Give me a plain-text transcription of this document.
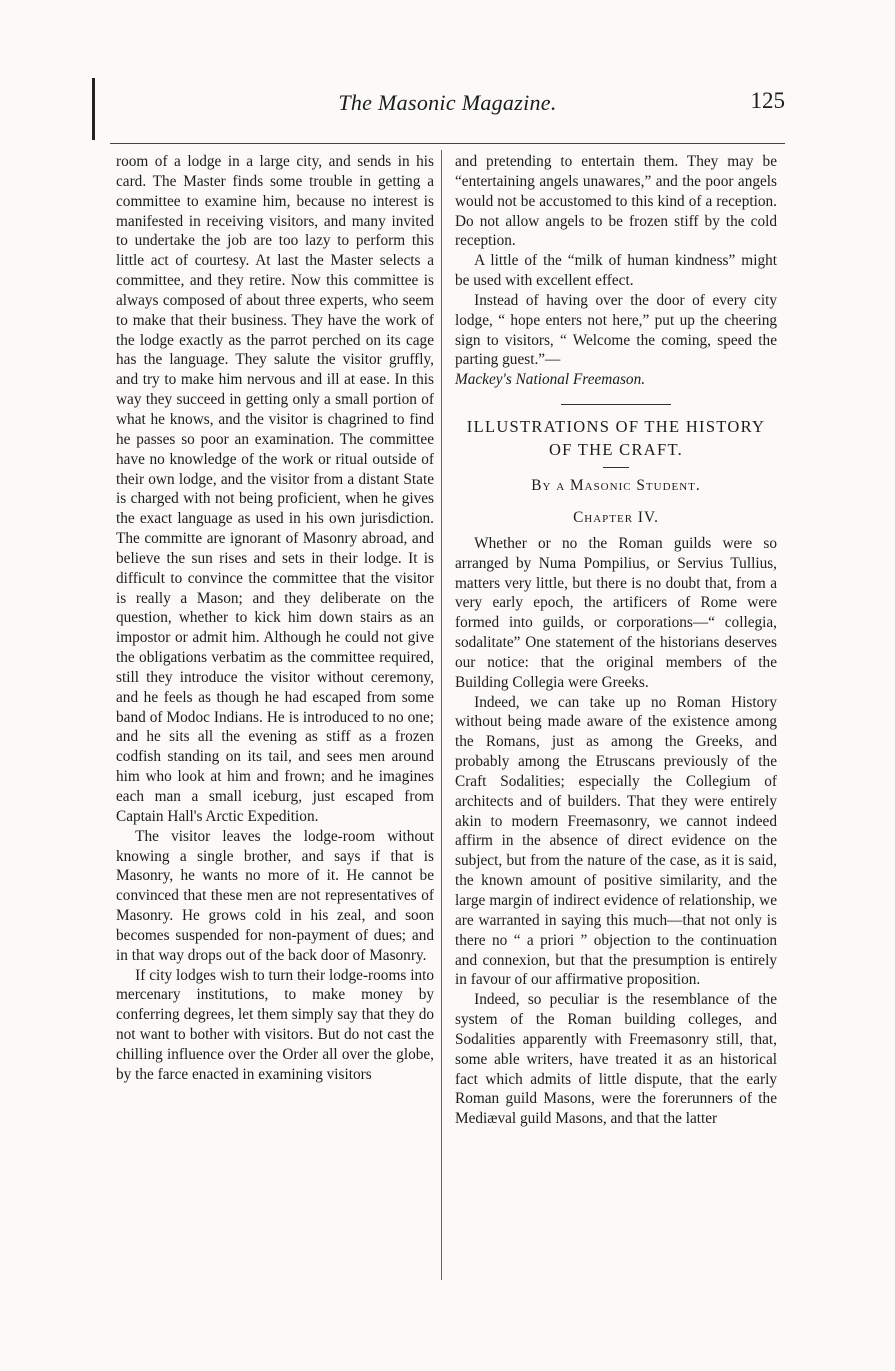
The Masonic Magazine.	125

room of a lodge in a large city, and sends in his card. The Master finds some trouble in getting a committee to examine him, because no interest is manifested in receiving visitors, and many invited to undertake the job are too lazy to perform this little act of courtesy. At last the Master selects a committee, and they retire. Now this committee is always composed of about three experts, who seem to make that their business. They have the work of the lodge exactly as the parrot perched on its cage has the language. They salute the visitor gruffly, and try to make him nervous and ill at ease. In this way they succeed in getting only a small portion of what he knows, and the visitor is chagrined to find he passes so poor an examination. The committee have no knowledge of the work or ritual outside of their own lodge, and the visitor from a distant State is charged with not being proficient, when he gives the exact language as used in his own jurisdiction. The committe are ignorant of Masonry abroad, and believe the sun rises and sets in their lodge. It is difficult to convince the committee that the visitor is really a Mason; and they deliberate on the question, whether to kick him down stairs as an impostor or admit him. Although he could not give the obligations verbatim as the committee required, still they introduce the visitor without ceremony, and he feels as though he had escaped from some band of Modoc Indians. He is introduced to no one; and he sits all the evening as stiff as a frozen codfish standing on its tail, and sees men around him who look at him and frown; and he imagines each man a small iceburg, just escaped from Captain Hall's Arctic Expedition.

The visitor leaves the lodge-room without knowing a single brother, and says if that is Masonry, he wants no more of it. He cannot be convinced that these men are not representatives of Masonry. He grows cold in his zeal, and soon becomes suspended for non-payment of dues; and in that way drops out of the back door of Masonry.

If city lodges wish to turn their lodge-rooms into mercenary institutions, to make money by conferring degrees, let them simply say that they do not want to bother with visitors. But do not cast the chilling influence over the Order all over the globe, by the farce enacted in examining visitors

and pretending to entertain them. They may be “entertaining angels unawares,” and the poor angels would not be accustomed to this kind of a reception. Do not allow angels to be frozen stiff by the cold reception.

A little of the “milk of human kindness” might be used with excellent effect.

Instead of having over the door of every city lodge, “ hope enters not here,” put up the cheering sign to visitors, “ Welcome the coming, speed the parting guest.”—

Mackey's National Freemason.

ILLUSTRATIONS OF THE HISTORY OF THE CRAFT.
By a Masonic Student.
Chapter IV.

Whether or no the Roman guilds were so arranged by Numa Pompilius, or Servius Tullius, matters very little, but there is no doubt that, from a very early epoch, the artificers of Rome were formed into guilds, or corporations—“ collegia, sodalitate” One statement of the historians deserves our notice: that the original members of the Building Collegia were Greeks.

Indeed, we can take up no Roman History without being made aware of the existence among the Romans, just as among the Greeks, and probably among the Etruscans previously of the Craft Sodalities; especially the Collegium of architects and of builders. That they were entirely akin to modern Freemasonry, we cannot indeed affirm in the absence of direct evidence on the subject, but from the nature of the case, as it is said, the known amount of positive similarity, and the large margin of indirect evidence of relationship, we are warranted in saying this much—that not only is there no “ a priori ” objection to the continuation and connexion, but that the presumption is entirely in favour of our affirmative proposition.

Indeed, so peculiar is the resemblance of the system of the Roman building colleges, and Sodalities apparently with Freemasonry still, that, some able writers, have treated it as an historical fact which admits of little dispute, that the early Roman guild Masons, were the forerunners of the Mediæval guild Masons, and that the latter
